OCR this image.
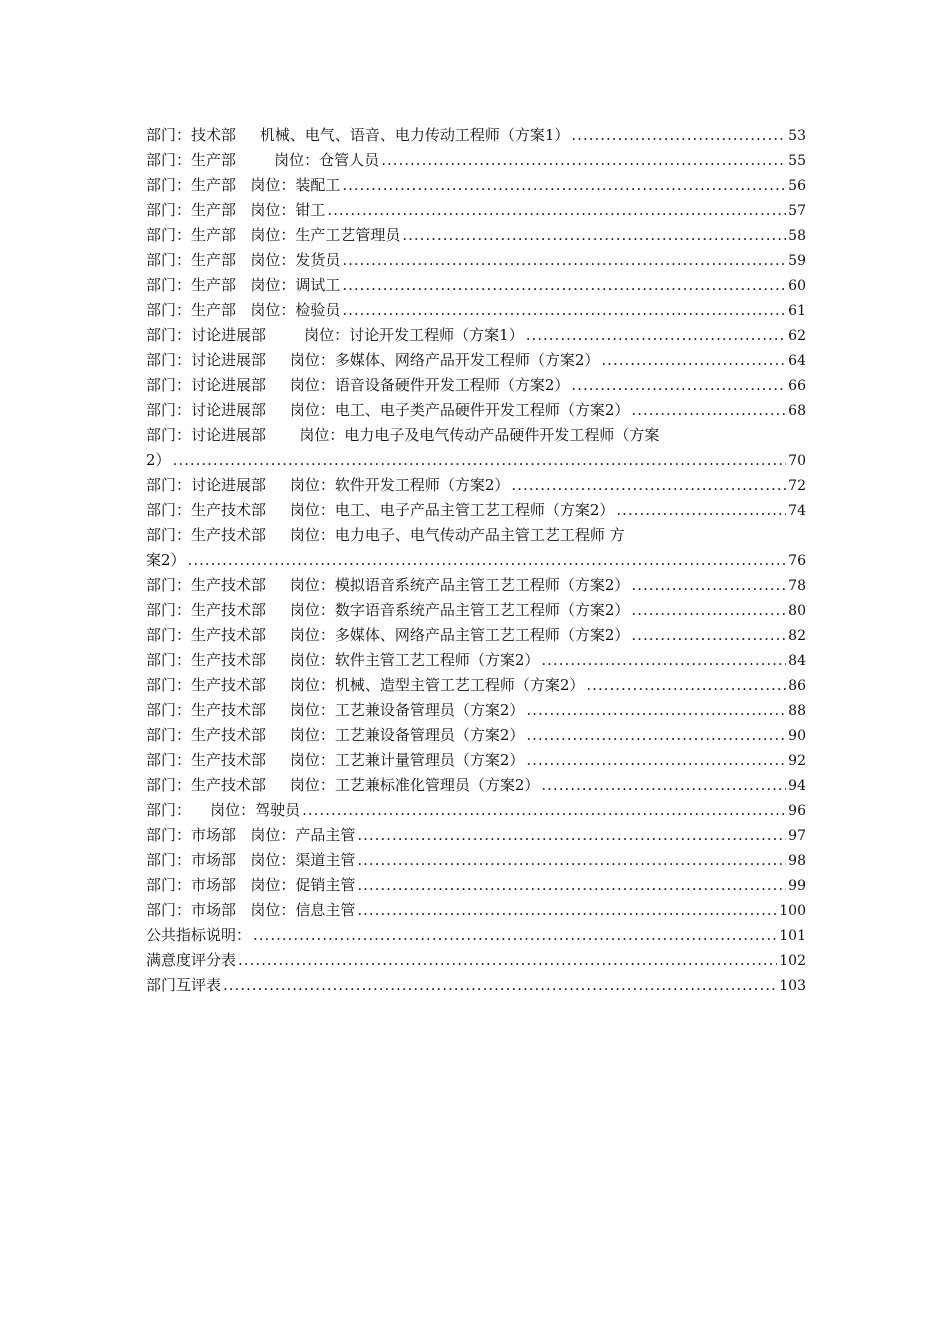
部门：技术部 机械、电气、语音、电力传动工程师（方案1） .....	53
部门：生产部	岗位：仓管人员 .....	55
部门：生产部 岗位：装配工 .....	56
部门：生产部 岗位：钳工 .....	57
部门：生产部 岗位：生产工艺管理员 .....	58
部门：生产部 岗位：发货员 .....	59
部门：生产部 岗位：调试工 .....	60
部门：生产部 岗位：检验员 .....	61
部门：讨论进展部	岗位：讨论开发工程师（方案1） .....	62
部门：讨论进展部 岗位：多媒体、网络产品开发工程师（方案2） .....	64
部门：讨论进展部 岗位：语音设备硬件开发工程师（方案2） .....	66
部门：讨论进展部 岗位：电工、电子类产品硬件开发工程师（方案2） .....	68
部门：讨论进展部 岗位：电力电子及电气传动产品硬件开发工程师（方案
2） .....	70
部门：讨论进展部 岗位：软件开发工程师（方案2） .....	72
部门：生产技术部 岗位：电工、电子产品主管工艺工程师（方案2） .....	74
部门：生产技术部 岗位：电力电子、电气传动产品主管工艺工程师 方
案2） .....	76
部门：生产技术部 岗位：模拟语音系统产品主管工艺工程师（方案2） .....	78
部门：生产技术部 岗位：数字语音系统产品主管工艺工程师（方案2） .....	80
部门：生产技术部 岗位：多媒体、网络产品主管工艺工程师（方案2） .....	82
部门：生产技术部 岗位：软件主管工艺工程师（方案2） .....	84
部门：生产技术部 岗位：机械、造型主管工艺工程师（方案2） .....	86
部门：生产技术部 岗位：工艺兼设备管理员（方案2） .....	88
部门：生产技术部 岗位：工艺兼设备管理员（方案2） .....	90
部门：生产技术部 岗位：工艺兼计量管理员（方案2） .....	92
部门：生产技术部 岗位：工艺兼标准化管理员（方案2） .....	94
部门： 岗位：驾驶员 .....	96
部门：市场部 岗位：产品主管 .....	97
部门：市场部 岗位：渠道主管 .....	98
部门：市场部 岗位：促销主管 .....	99
部门：市场部 岗位：信息主管 .....	100
公共指标说明： .....	101
满意度评分表 .....	102
部门互评表 .....	103
